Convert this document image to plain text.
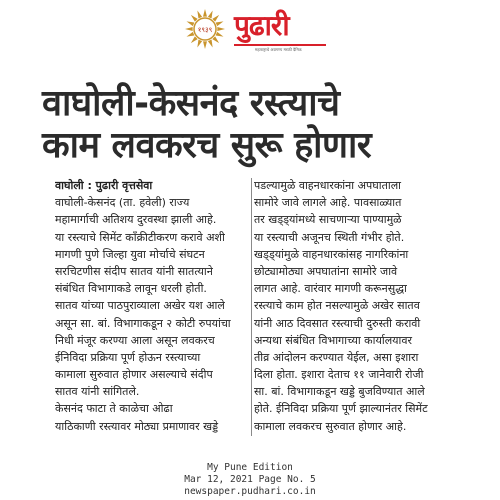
१९३९ पुढारी
महाराष्ट्राचे अग्रगण्य मराठी दैनिक
वाघोली-केसनंद रस्त्याचे
काम लवकरच सुरू होणार
वाघोली : पुढारी वृत्तसेवा
वाघोली-केसनंद (ता. हवेली) राज्य
महामार्गाची अतिशय दुरवस्था झाली आहे.
या रस्त्याचे सिमेंट काँक्रीटीकरण करावे अशी
मागणी पुणे जिल्हा युवा मोर्चाचे संघटन
सरचिटणीस संदीप सातव यांनी सातत्याने
संबंधित विभागाकडे लावून धरली होती.
सातव यांच्या पाठपुराव्याला अखेर यश आले
असून सा. बां. विभागाकडून २ कोटी रुपयांचा
निधी मंजूर करण्या आला असून लवकरच
ईनिविदा प्रक्रिया पूर्ण होऊन रस्त्याच्या
कामाला सुरुवात होणार असल्याचे संदीप
सातव यांनी सांगितले.
केसनंद फाटा ते काळेचा ओढा
याठिकाणी रस्त्यावर मोठ्या प्रमाणावर खड्डे
पडल्यामुळे वाहनधारकांना अपघाताला
सामोरे जावे लागले आहे. पावसाळ्यात
तर खड्ड्यांमध्ये साचणाऱ्या पाण्यामुळे
या रस्त्याची अजूनच स्थिती गंभीर होते.
खड्ड्यांमुळे वाहनधारकांसह नागरिकांना
छोट्यामोठ्या अपघातांना सामोरे जावे
लागत आहे. वारंवार मागणी करूनसुद्धा
रस्त्याचे काम होत नसल्यामुळे अखेर सातव
यांनी आठ दिवसात रस्त्याची दुरुस्ती करावी
अन्यथा संबंधित विभागाच्या कार्यालयावर
तीव्र आंदोलन करण्यात येईल, असा इशारा
दिला होता. इशारा देताच ११ जानेवारी रोजी
सा. बां. विभागाकडून खड्डे बुजविण्यात आले
होते. ईनिविदा प्रक्रिया पूर्ण झाल्यानंतर सिमेंट
कामाला लवकरच सुरुवात होणार आहे.
My Pune Edition
Mar 12, 2021 Page No. 5
newspaper.pudhari.co.in
